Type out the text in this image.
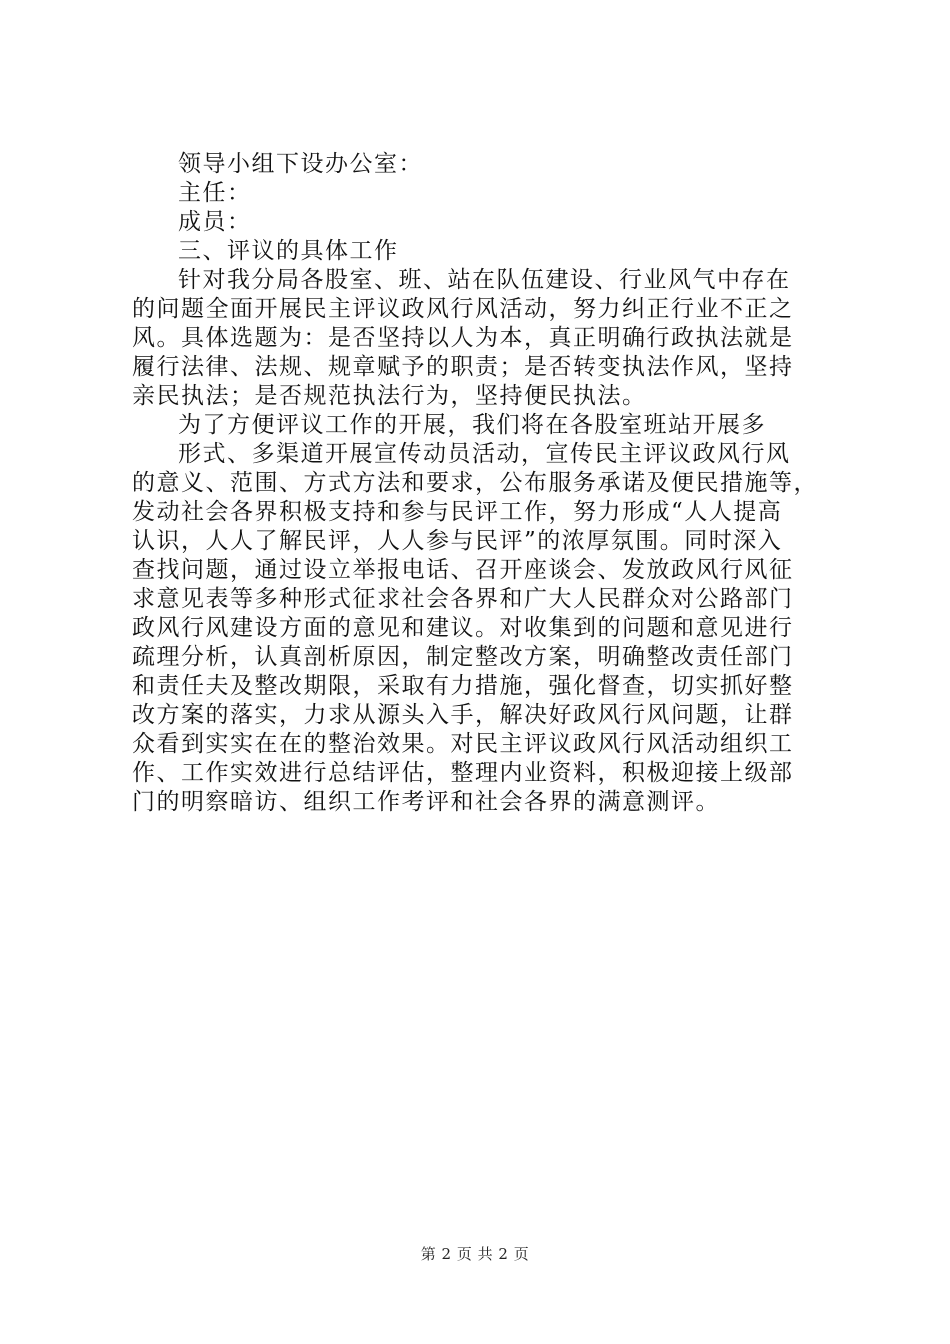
领导小组下设办公室：
主任：
成员：
三、评议的具体工作
针对我分局各股室、班、站在队伍建设、行业风气中存在
的问题全面开展民主评议政风行风活动，努力纠正行业不正之
风。具体选题为：是否坚持以人为本，真正明确行政执法就是
履行法律、法规、规章赋予的职责；是否转变执法作风，坚持
亲民执法；是否规范执法行为，坚持便民执法。
为了方便评议工作的开展，我们将在各股室班站开展多
形式、多渠道开展宣传动员活动，宣传民主评议政风行风
的意义、范围、方式方法和要求，公布服务承诺及便民措施等，
发动社会各界积极支持和参与民评工作，努力形成“人人提高
认识，人人了解民评，人人参与民评”的浓厚氛围。同时深入
查找问题，通过设立举报电话、召开座谈会、发放政风行风征
求意见表等多种形式征求社会各界和广大人民群众对公路部门
政风行风建设方面的意见和建议。对收集到的问题和意见进行
疏理分析，认真剖析原因，制定整改方案，明确整改责任部门
和责任夫及整改期限，采取有力措施，强化督查，切实抓好整
改方案的落实，力求从源头入手，解决好政风行风问题，让群
众看到实实在在的整治效果。对民主评议政风行风活动组织工
作、工作实效进行总结评估，整理内业资料，积极迎接上级部
门的明察暗访、组织工作考评和社会各界的满意测评。
第 2 页 共 2 页
